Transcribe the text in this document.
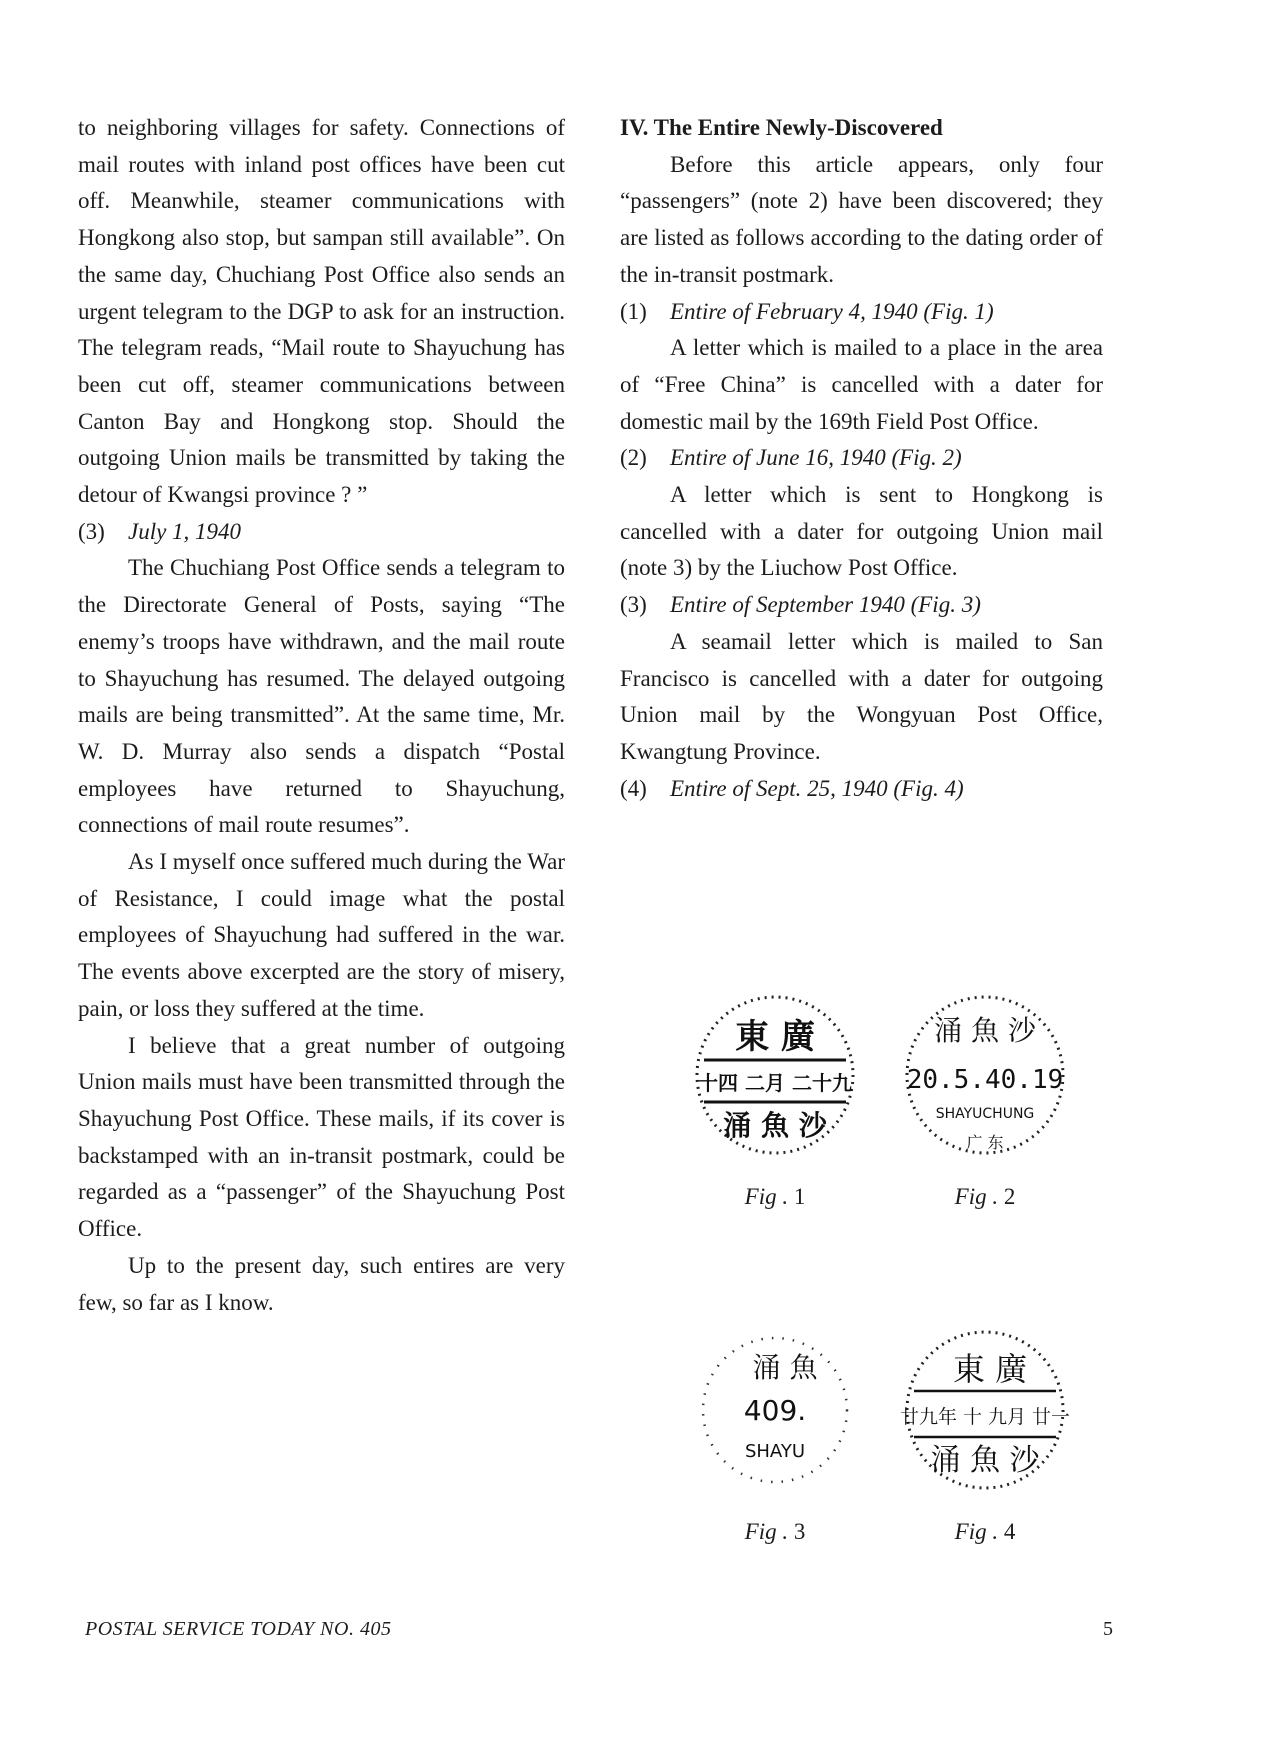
to neighboring villages for safety. Connections of mail routes with inland post offices have been cut off. Meanwhile, steamer communications with Hongkong also stop, but sampan still available”. On the same day, Chuchiang Post Office also sends an urgent telegram to the DGP to ask for an instruction. The telegram reads, “Mail route to Shayuchung has been cut off, steamer communications between Canton Bay and Hongkong stop. Should the outgoing Union mails be transmitted by taking the detour of Kwangsi province ? ”

(3) July 1, 1940

The Chuchiang Post Office sends a telegram to the Directorate General of Posts, saying “The enemy’s troops have withdrawn, and the mail route to Shayuchung has resumed. The delayed outgoing mails are being transmitted”. At the same time, Mr. W. D. Murray also sends a dispatch “Postal employees have returned to Shayuchung, connections of mail route resumes”.

As I myself once suffered much during the War of Resistance, I could image what the postal employees of Shayuchung had suffered in the war. The events above excerpted are the story of misery, pain, or loss they suffered at the time.

I believe that a great number of outgoing Union mails must have been transmitted through the Shayuchung Post Office. These mails, if its cover is backstamped with an in-transit postmark, could be regarded as a “passenger” of the Shayuchung Post Office.

Up to the present day, such entires are very few, so far as I know.

IV. The Entire Newly-Discovered

Before this article appears, only four “passengers” (note 2) have been discovered; they are listed as follows according to the dating order of the in-transit postmark.

(1) Entire of February 4, 1940 (Fig. 1)

A letter which is mailed to a place in the area of “Free China” is cancelled with a dater for domestic mail by the 169th Field Post Office.

(2) Entire of June 16, 1940 (Fig. 2)

A letter which is sent to Hongkong is cancelled with a dater for outgoing Union mail (note 3) by the Liuchow Post Office.

(3) Entire of September 1940 (Fig. 3)

A seamail letter which is mailed to San Francisco is cancelled with a dater for outgoing Union mail by the Wongyuan Post Office, Kwangtung Province.

(4) Entire of Sept. 25, 1940 (Fig. 4)

東 廣
十四 二月 二十九
涌 魚 沙
Fig . 1
涌 魚 沙
20.5.40.19
SHAYUCHUNG
广 东
Fig . 2
涌 魚
409.
SHAYU
Fig . 3
東 廣
廿九年 十 九月 廿一
涌 魚 沙
Fig . 4
POSTAL SERVICE TODAY NO. 405	5
